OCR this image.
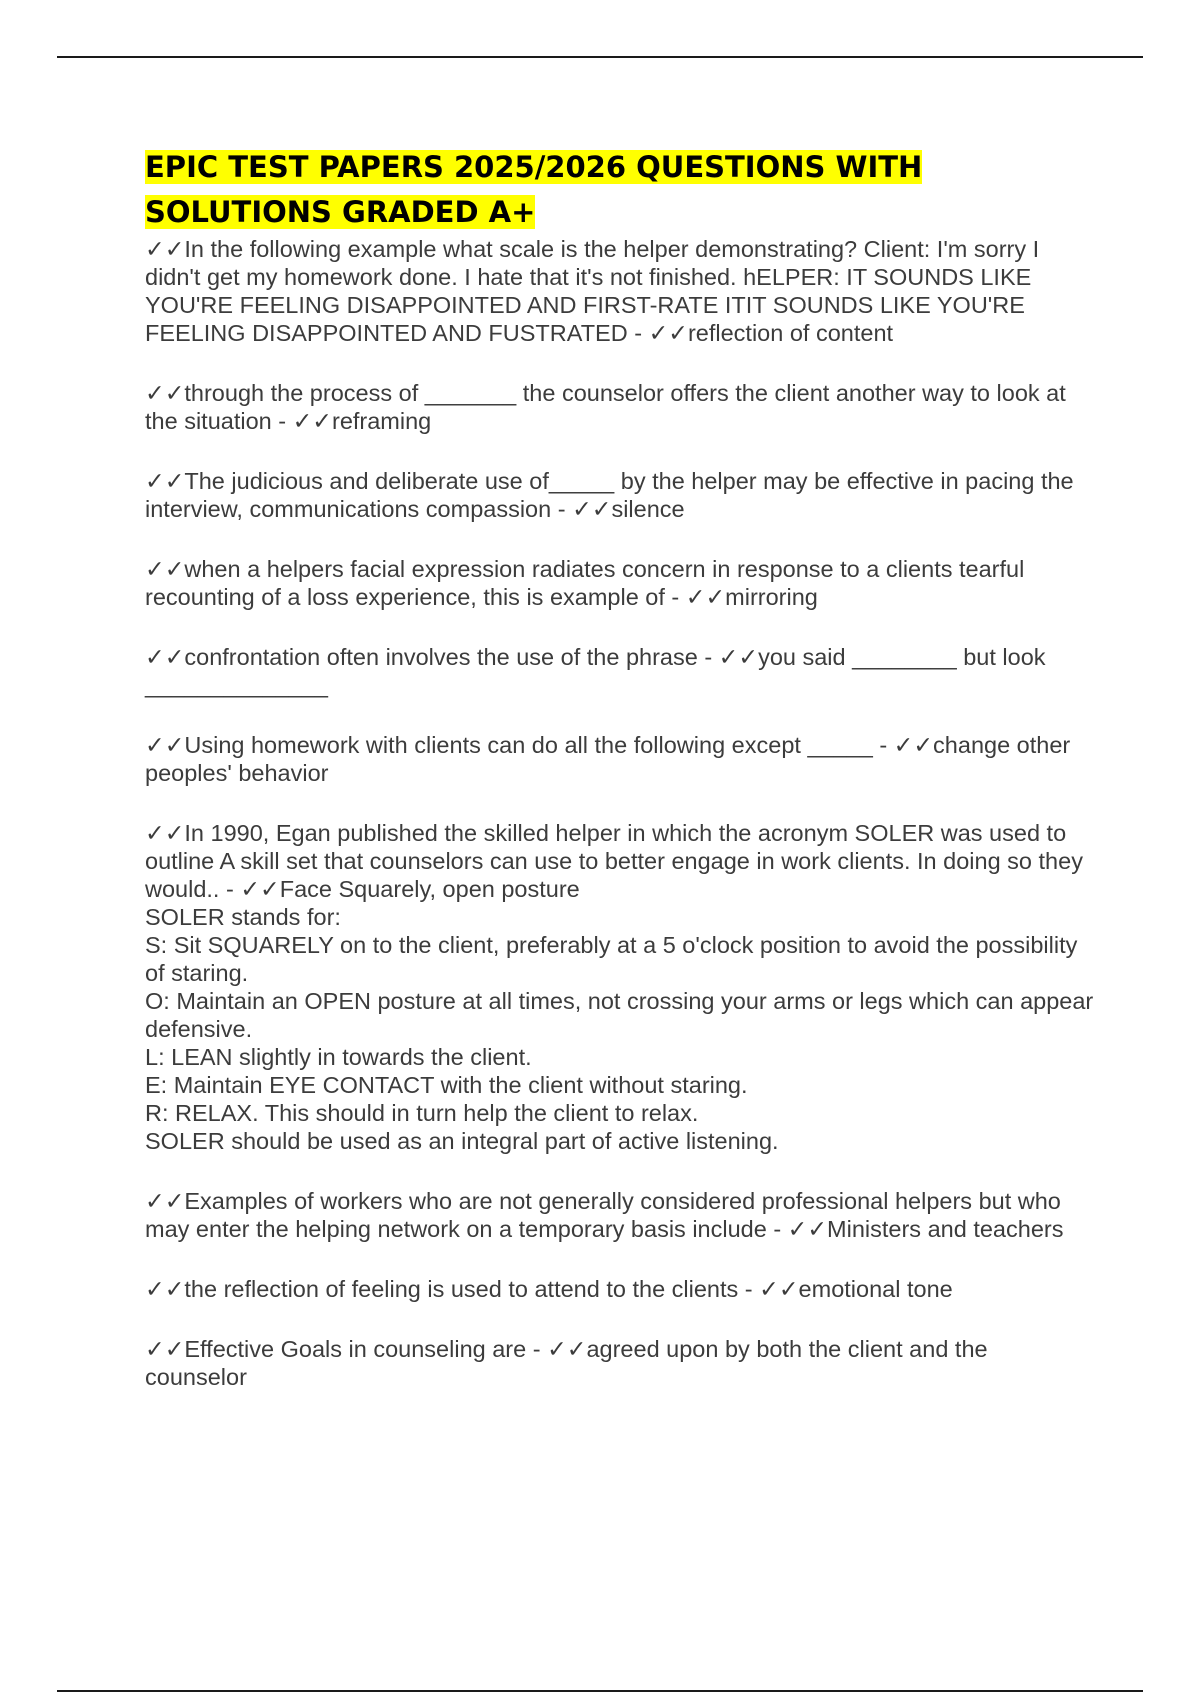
EPIC TEST PAPERS 2025/2026 QUESTIONS WITH
SOLUTIONS GRADED A+

✓✓In the following example what scale is the helper demonstrating? Client: I'm sorry I didn't get my homework done. I hate that it's not finished. hELPER: IT SOUNDS LIKE YOU'RE FEELING DISAPPOINTED AND FIRST-RATE ITIT SOUNDS LIKE YOU'RE FEELING DISAPPOINTED AND FUSTRATED - ✓✓reflection of content

✓✓through the process of _______ the counselor offers the client another way to look at the situation - ✓✓reframing

✓✓The judicious and deliberate use of_____ by the helper may be effective in pacing the interview, communications compassion - ✓✓silence

✓✓when a helpers facial expression radiates concern in response to a clients tearful recounting of a loss experience, this is example of - ✓✓mirroring

✓✓confrontation often involves the use of the phrase - ✓✓you said ________ but look ______________

✓✓Using homework with clients can do all the following except _____ - ✓✓change other peoples' behavior

✓✓In 1990, Egan published the skilled helper in which the acronym SOLER was used to outline A skill set that counselors can use to better engage in work clients. In doing so they would.. - ✓✓Face Squarely, open posture
SOLER stands for:
S: Sit SQUARELY on to the client, preferably at a 5 o'clock position to avoid the possibility of staring.
O: Maintain an OPEN posture at all times, not crossing your arms or legs which can appear defensive.
L: LEAN slightly in towards the client.
E: Maintain EYE CONTACT with the client without staring.
R: RELAX. This should in turn help the client to relax.
SOLER should be used as an integral part of active listening.

✓✓Examples of workers who are not generally considered professional helpers but who may enter the helping network on a temporary basis include - ✓✓Ministers and teachers

✓✓the reflection of feeling is used to attend to the clients - ✓✓emotional tone

✓✓Effective Goals in counseling are - ✓✓agreed upon by both the client and the counselor
